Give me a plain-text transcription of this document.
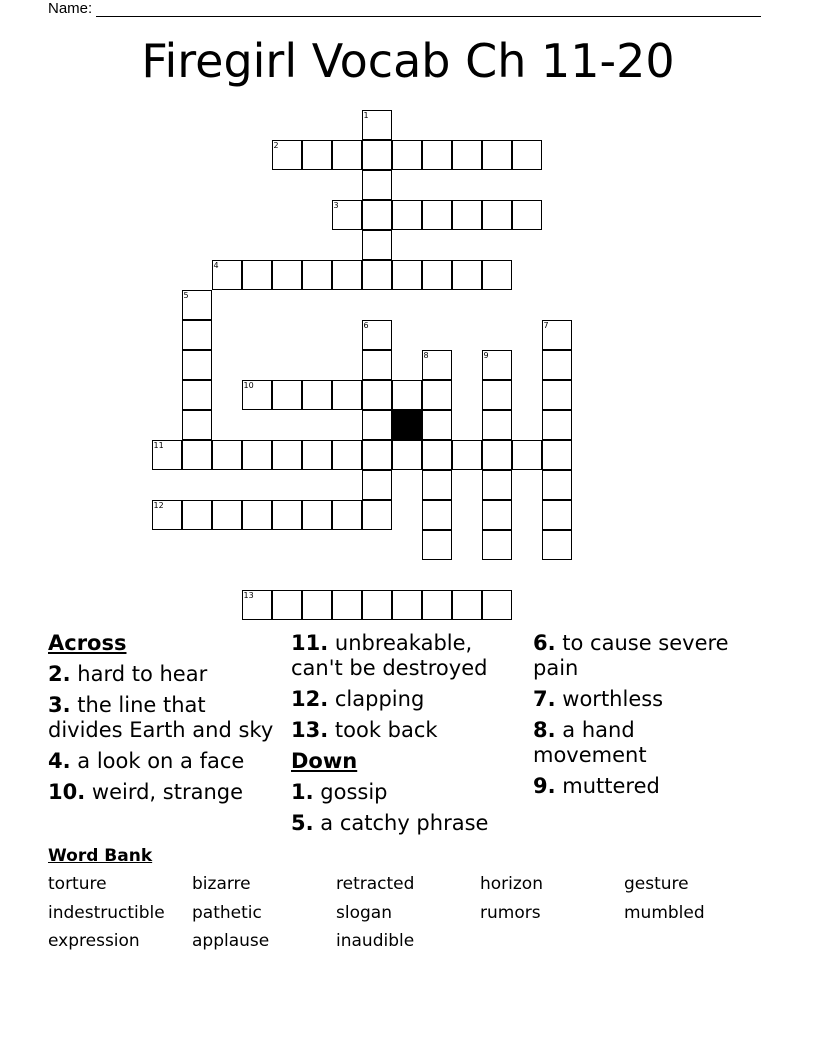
Name:
Firegirl Vocab Ch 11-20
1
2
3
4
5
6	7
8	9
10
11
12
13
Across
2. hard to hear
3. the line that divides Earth and sky
4. a look on a face
10. weird, strange
11. unbreakable, can't be destroyed
12. clapping
13. took back
Down
1. gossip
5. a catchy phrase
6. to cause severe pain
7. worthless
8. a hand movement
9. muttered
Word Bank
torture	bizarre	retracted	horizon	gesture
indestructible	pathetic	slogan	rumors	mumbled
expression	applause	inaudible
